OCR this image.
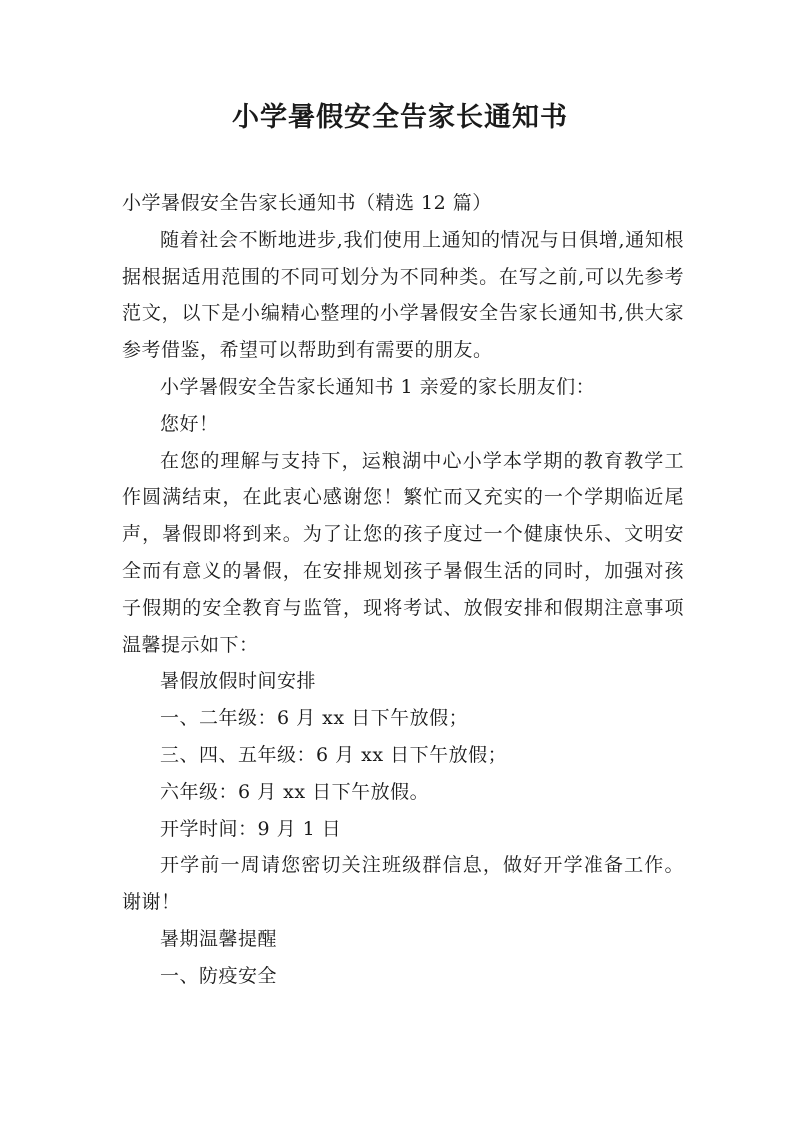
小学暑假安全告家长通知书

小学暑假安全告家长通知书（精选 12 篇）

随着社会不断地进步,我们使用上通知的情况与日俱增,通知根据根据适用范围的不同可划分为不同种类。在写之前,可以先参考范文，以下是小编精心整理的小学暑假安全告家长通知书,供大家参考借鉴，希望可以帮助到有需要的朋友。

小学暑假安全告家长通知书 1 亲爱的家长朋友们：

您好！

在您的理解与支持下，运粮湖中心小学本学期的教育教学工作圆满结束，在此衷心感谢您！繁忙而又充实的一个学期临近尾声，暑假即将到来。为了让您的孩子度过一个健康快乐、文明安全而有意义的暑假，在安排规划孩子暑假生活的同时，加强对孩子假期的安全教育与监管，现将考试、放假安排和假期注意事项温馨提示如下：

暑假放假时间安排

一、二年级：6 月 xx 日下午放假；

三、四、五年级：6 月 xx 日下午放假；

六年级：6 月 xx 日下午放假。

开学时间：9 月 1 日

开学前一周请您密切关注班级群信息，做好开学准备工作。谢谢！

暑期温馨提醒

一、防疫安全
